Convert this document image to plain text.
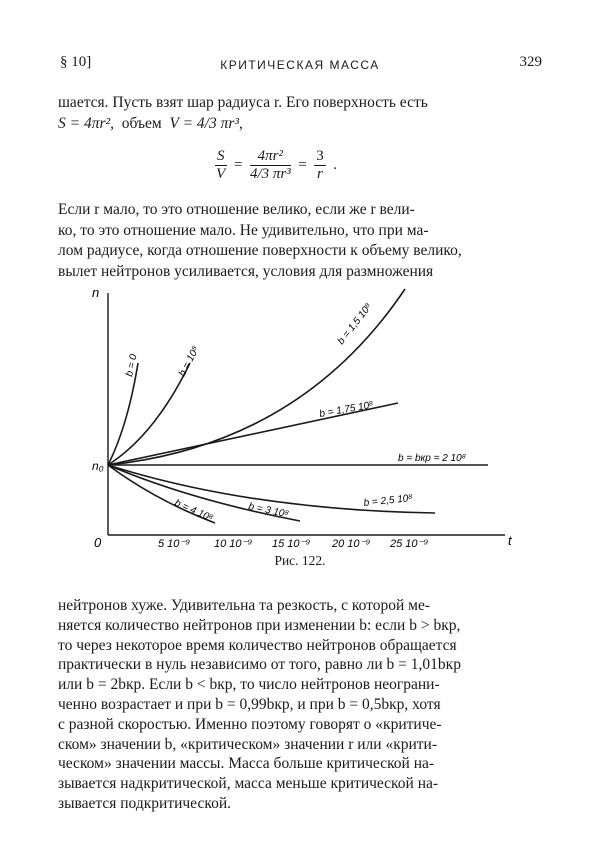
§ 10]	КРИТИЧЕСКАЯ МАССА	329
шается. Пусть взят шар радиуса r. Его поверхность есть
S = 4πr², объем V = 4/3 πr³,
$\frac{S}{V} = \frac{\text{4πr²}}{\text{4/3 πr³}} = \frac{3}{r}$ .
Если r мало, то это отношение велико, если же r вели-
ко, то это отношение мало. Не удивительно, что при ма-
лом радиусе, когда отношение поверхности к объему велико,
вылет нейтронов усиливается, условия для размножения
n
0
n₀
t
5 10⁻⁹ 10 10⁻⁹ 15 10⁻⁹ 20 10⁻⁹ 25 10⁻⁹
b = 0	b = 10⁸
b = 1,5 10⁸
b = 1,75 10⁸
b = bкр = 2 10⁸
b = 2,5 10⁸
b = 3 10⁸
b = 4 10⁸
Рис. 122.
нейтронов хуже. Удивительна та резкость, с которой ме-
няется количество нейтронов при изменении b: если b > bкр,
то через некоторое время количество нейтронов обращается
практически в нуль независимо от того, равно ли b = 1,01bкр
или b = 2bкр. Если b < bкр, то число нейтронов неограни-
ченно возрастает и при b = 0,99bкр, и при b = 0,5bкр, хотя
с разной скоростью. Именно поэтому говорят о «критиче-
ском» значении b, «критическом» значении r или «крити-
ческом» значении массы. Масса больше критической на-
зывается надкритической, масса меньше критической на-
зывается подкритической.
